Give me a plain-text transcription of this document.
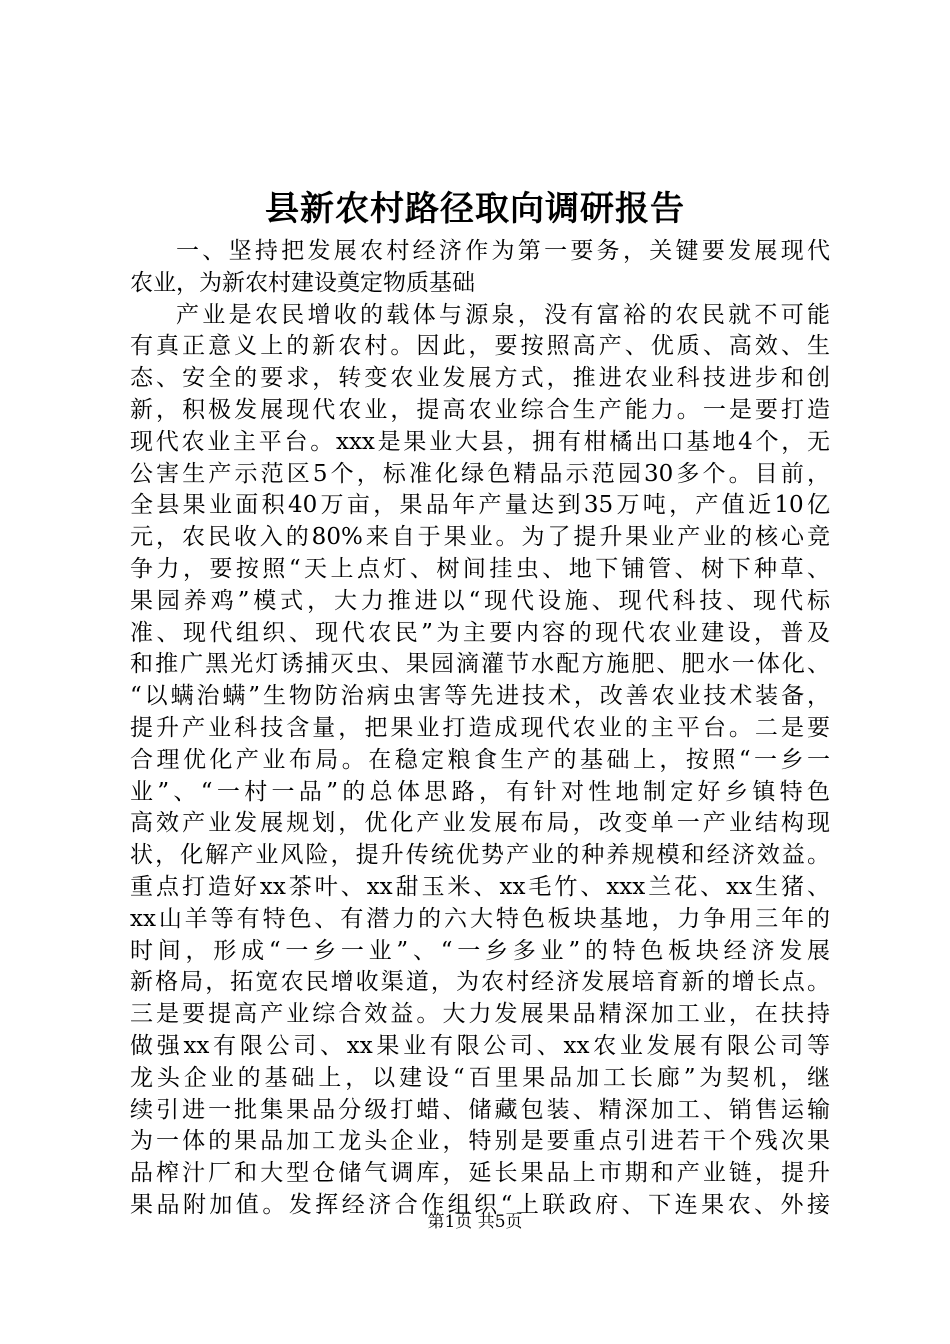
县新农村路径取向调研报告
一、坚持把发展农村经济作为第一要务，关键要发展现代
农业，为新农村建设奠定物质基础
产业是农民增收的载体与源泉，没有富裕的农民就不可能
有真正意义上的新农村。因此，要按照高产、优质、高效、生
态、安全的要求，转变农业发展方式，推进农业科技进步和创
新，积极发展现代农业，提高农业综合生产能力。一是要打造
现代农业主平台。xxx是果业大县，拥有柑橘出口基地4个，无
公害生产示范区5个，标准化绿色精品示范园30多个。目前，
全县果业面积40万亩，果品年产量达到35万吨，产值近10亿
元，农民收入的80%来自于果业。为了提升果业产业的核心竞
争力，要按照“天上点灯、树间挂虫、地下铺管、树下种草、
果园养鸡”模式，大力推进以“现代设施、现代科技、现代标
准、现代组织、现代农民”为主要内容的现代农业建设，普及
和推广黑光灯诱捕灭虫、果园滴灌节水配方施肥、肥水一体化、
“以螨治螨”生物防治病虫害等先进技术，改善农业技术装备，
提升产业科技含量，把果业打造成现代农业的主平台。二是要
合理优化产业布局。在稳定粮食生产的基础上，按照“一乡一
业”、“一村一品”的总体思路，有针对性地制定好乡镇特色
高效产业发展规划，优化产业发展布局，改变单一产业结构现
状，化解产业风险，提升传统优势产业的种养规模和经济效益。
重点打造好xx茶叶、xx甜玉米、xx毛竹、xxx兰花、xx生猪、
xx山羊等有特色、有潜力的六大特色板块基地，力争用三年的
时间，形成“一乡一业”、“一乡多业”的特色板块经济发展
新格局，拓宽农民增收渠道，为农村经济发展培育新的增长点。
三是要提高产业综合效益。大力发展果品精深加工业，在扶持
做强xx有限公司、xx果业有限公司、xx农业发展有限公司等
龙头企业的基础上，以建设“百里果品加工长廊”为契机，继
续引进一批集果品分级打蜡、储藏包装、精深加工、销售运输
为一体的果品加工龙头企业，特别是要重点引进若干个残次果
品榨汁厂和大型仓储气调库，延长果品上市期和产业链，提升
果品附加值。发挥经济合作组织“上联政府、下连果农、外接
第1页 共5页
